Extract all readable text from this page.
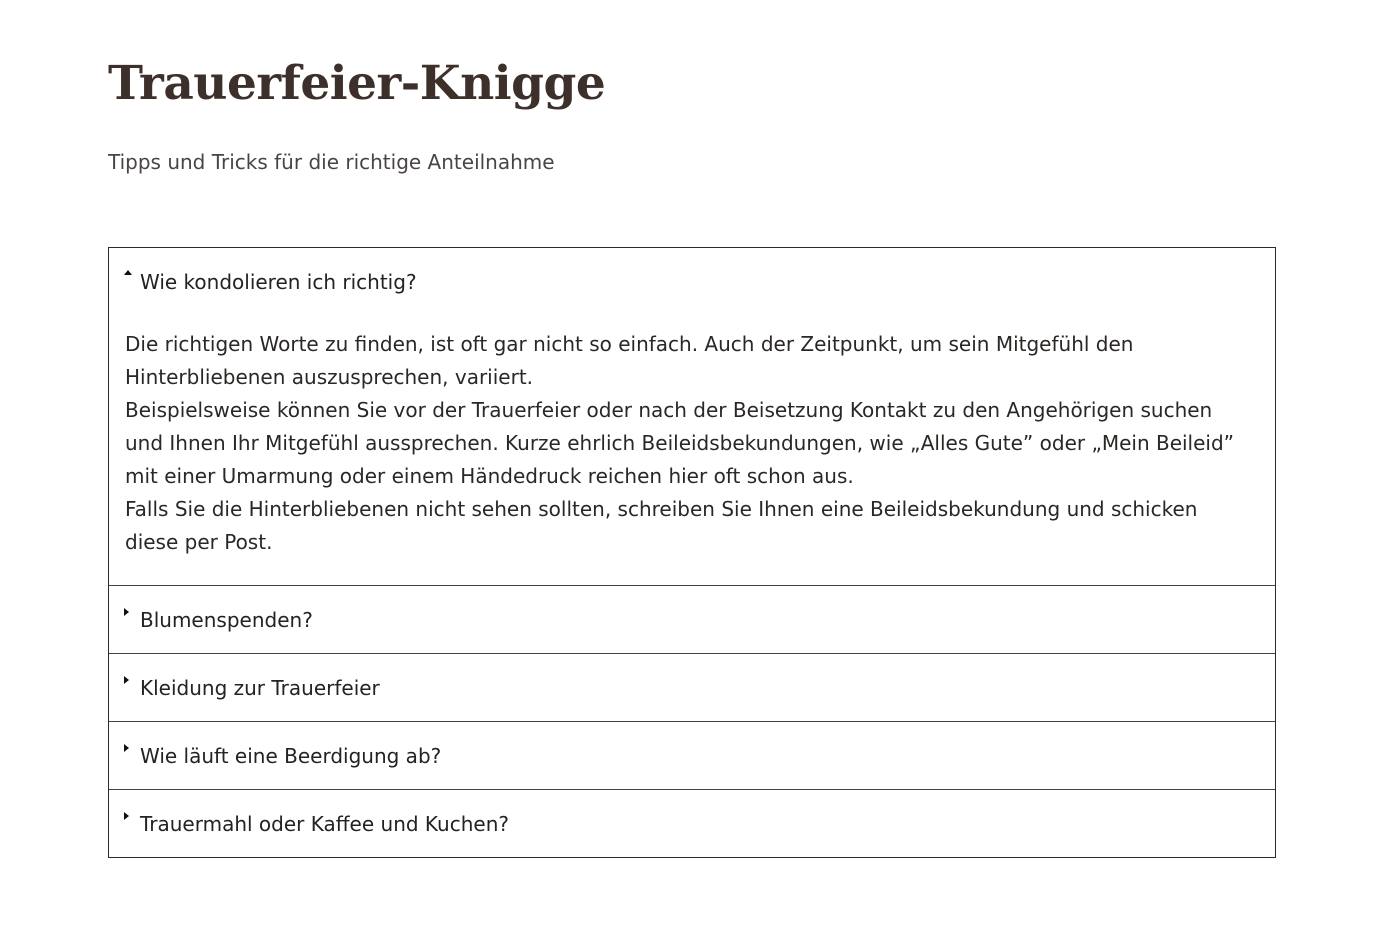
Trauerfeier-Knigge

Tipps und Tricks für die richtige Anteilnahme

Wie kondolieren ich richtig?

Die richtigen Worte zu finden, ist oft gar nicht so einfach. Auch der Zeitpunkt, um sein Mitgefühl den Hinterbliebenen auszusprechen, variiert.

Beispielsweise können Sie vor der Trauerfeier oder nach der Beisetzung Kontakt zu den Angehörigen suchen und Ihnen Ihr Mitgefühl aussprechen. Kurze ehrlich Beileidsbekundungen, wie „Alles Gute” oder „Mein Beileid” mit einer Umarmung oder einem Händedruck reichen hier oft schon aus.

Falls Sie die Hinterbliebenen nicht sehen sollten, schreiben Sie Ihnen eine Beileidsbekundung und schicken diese per Post.

Blumenspenden?
Kleidung zur Trauerfeier
Wie läuft eine Beerdigung ab?
Trauermahl oder Kaffee und Kuchen?
